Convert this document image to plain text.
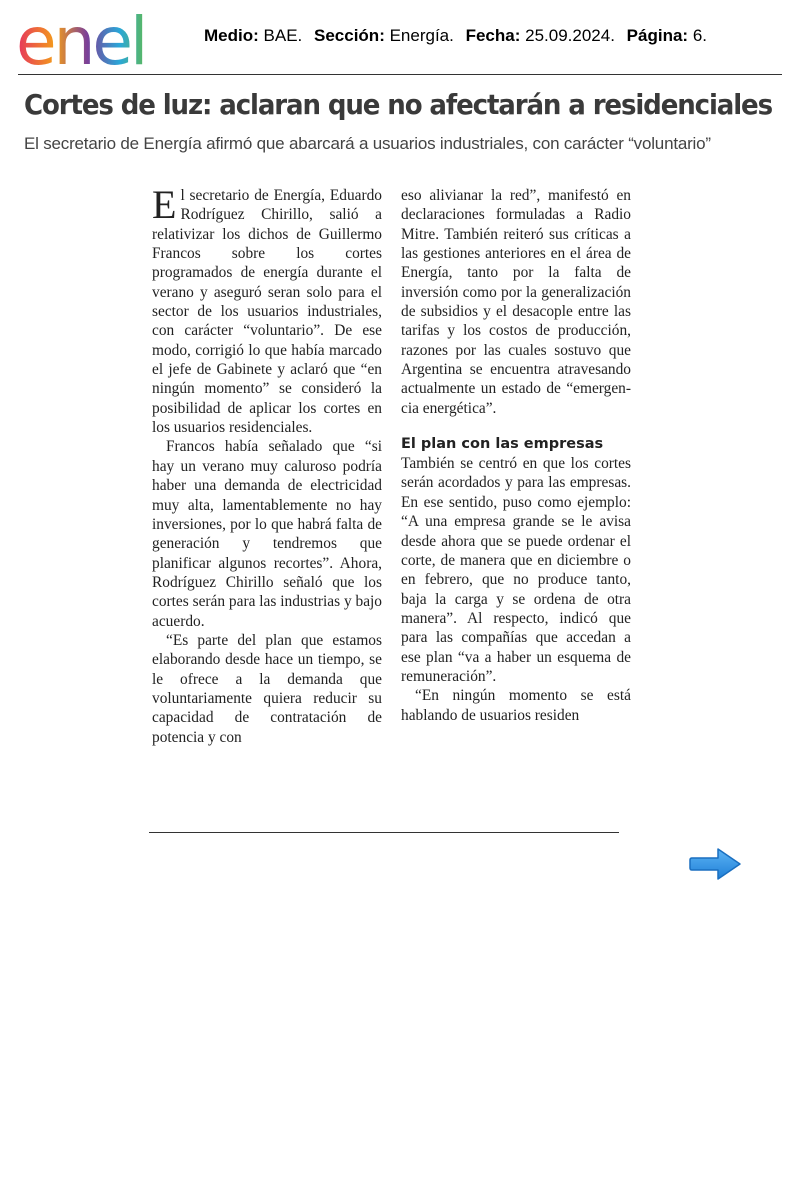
enel	Medio: BAE. Sección: Energía. Fecha: 25.09.2024. Página: 6.
Cortes de luz: aclaran que no afectarán a residenciales
El secretario de Energía afirmó que abarcará a usuarios industriales, con carácter “voluntario”

El secretario de Energía, Eduardo Rodríguez Chirillo, salió a relativizar los dichos de Guillermo Francos sobre los cortes programados de energía durante el verano y aseguró seran solo para el sector de los usuarios industriales, con carácter “voluntario”. De ese modo, corrigió lo que había marcado el jefe de Gabinete y aclaró que “en ningún momento” se consideró la posibilidad de aplicar los cortes en los usuarios residenciales.

Francos había señalado que “si hay un verano muy caluroso podría haber una demanda de electricidad muy alta, lamentablemente no hay inversiones, por lo que habrá falta de generación y tendremos que planificar algunos recortes”. Ahora, Rodríguez Chirillo señaló que los cortes serán para las industrias y bajo acuerdo.

“Es parte del plan que estamos elaborando desde hace un tiempo, se le ofrece a la demanda que voluntariamente quiera reducir su capacidad de contratación de potencia y con

eso alivianar la red”, manifestó en declaraciones formuladas a Radio Mitre. También reiteró sus críticas a las gestiones anteriores en el área de Energía, tanto por la falta de inversión como por la generalización de subsidios y el desacople entre las tarifas y los costos de producción, razones por las cuales sostuvo que Argentina se encuentra atravesando actualmente un estado de “emergencia energética”.

El plan con las empresas

También se centró en que los cortes serán acordados y para las empresas. En ese sentido, puso como ejemplo: “A una empresa grande se le avisa desde ahora que se puede ordenar el corte, de manera que en diciembre o en febrero, que no produce tanto, baja la carga y se ordena de otra manera”. Al respecto, indicó que para las compañías que accedan a ese plan “va a haber un esquema de remuneración”.

“En ningún momento se está hablando de usuarios residen
